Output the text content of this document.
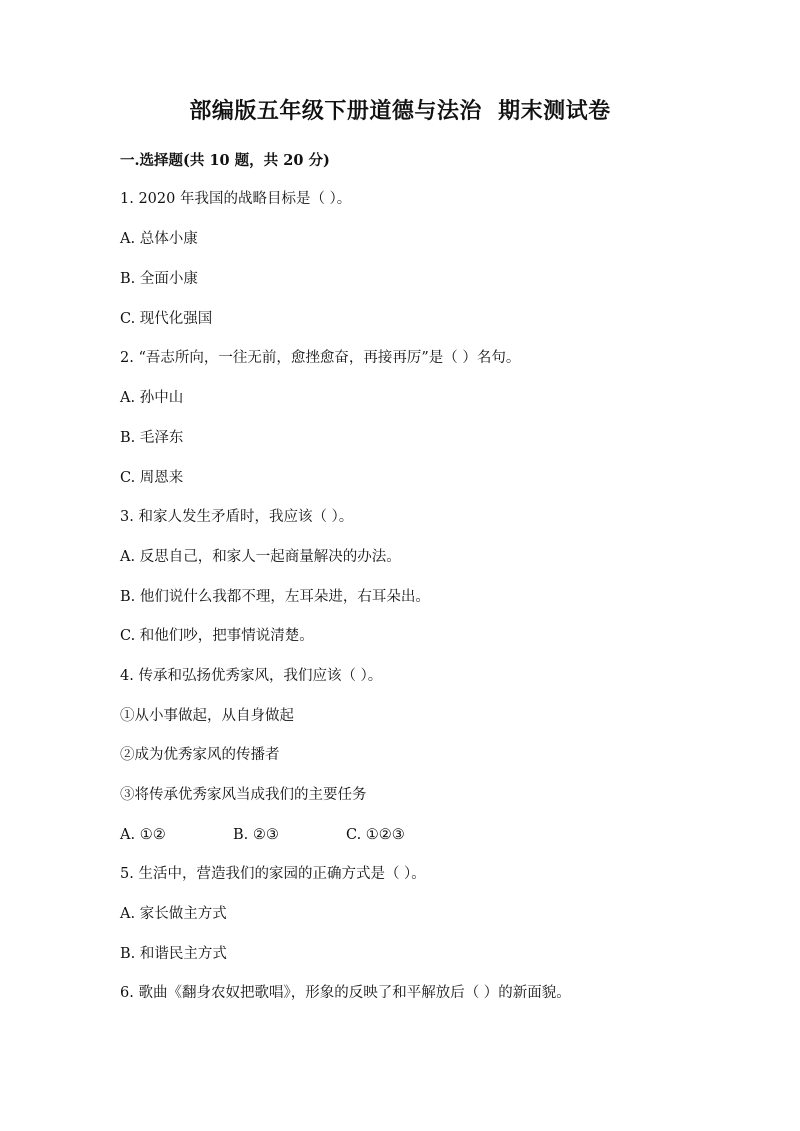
部编版五年级下册道德与法治  期末测试卷
一.选择题(共 10 题，共 20 分)
1. 2020 年我国的战略目标是（ ）。
A. 总体小康
B. 全面小康
C. 现代化强国
2. “吾志所向，一往无前，愈挫愈奋，再接再厉”是（ ）名句。
A. 孙中山
B. 毛泽东
C. 周恩来
3. 和家人发生矛盾时，我应该（ ）。
A. 反思自己，和家人一起商量解决的办法。
B. 他们说什么我都不理，左耳朵进，右耳朵出。
C. 和他们吵，把事情说清楚。
4. 传承和弘扬优秀家风，我们应该（ ）。
①从小事做起，从自身做起
②成为优秀家风的传播者
③将传承优秀家风当成我们的主要任务
A. ①②	B. ②③	C. ①②③
5. 生活中，营造我们的家园的正确方式是（ ）。
A. 家长做主方式
B. 和谐民主方式
6. 歌曲《翻身农奴把歌唱》，形象的反映了和平解放后（ ）的新面貌。
